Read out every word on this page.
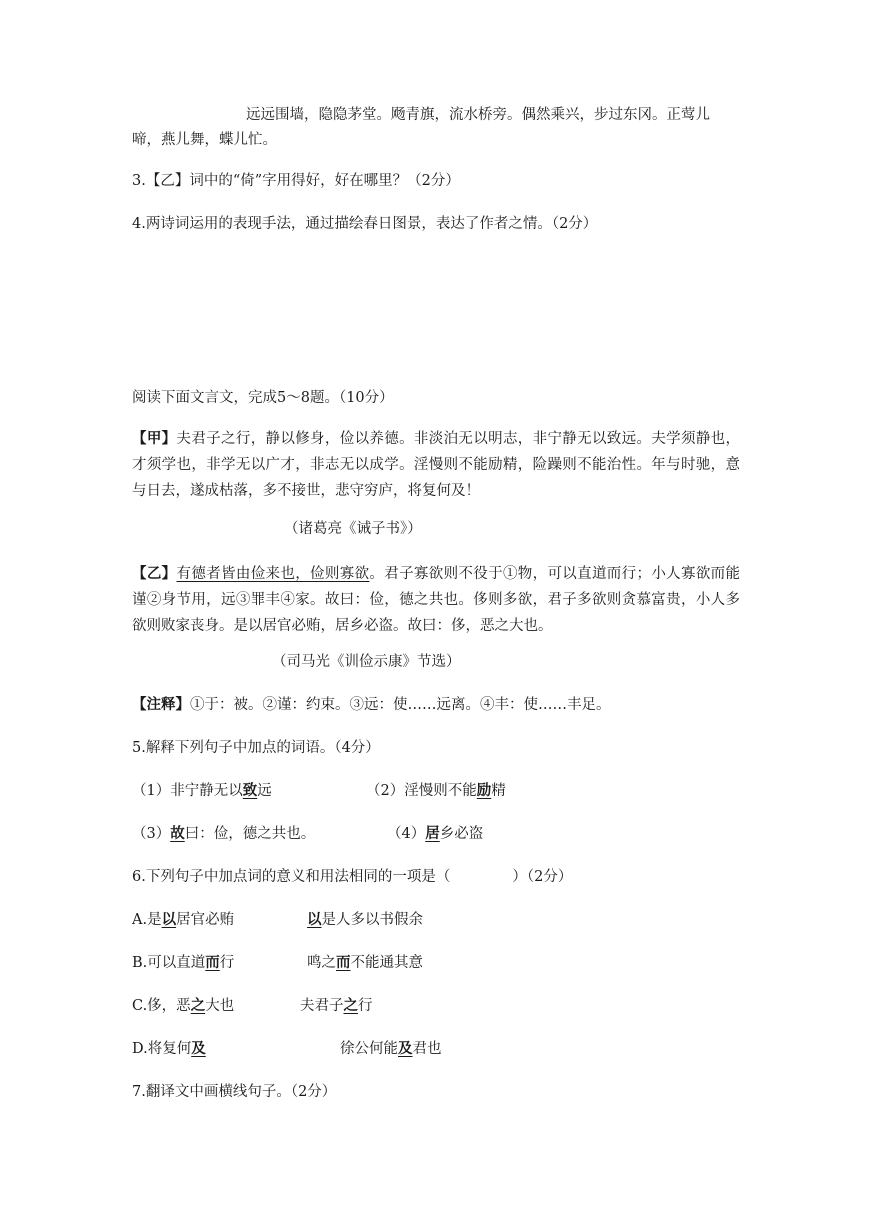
远远围墙，隐隐茅堂。飏青旗，流水桥旁。偶然乘兴，步过东冈。正莺儿
啼，燕儿舞，蝶儿忙。
3.【乙】词中的“倚”字用得好，好在哪里？（2分）
4.两诗词运用的表现手法，通过描绘春日图景，表达了作者之情。（2分）
阅读下面文言文，完成5～8题。（10分）
【甲】夫君子之行，静以修身，俭以养德。非淡泊无以明志，非宁静无以致远。夫学须静也，才须学也，非学无以广才，非志无以成学。淫慢则不能励精，险躁则不能治性。年与时驰，意与日去，遂成枯落，多不接世，悲守穷庐，将复何及！
（诸葛亮《诫子书》）
【乙】有德者皆由俭来也，俭则寡欲。君子寡欲则不役于①物，可以直道而行；小人寡欲而能谨②身节用，远③罪丰④家。故曰：俭，德之共也。侈则多欲，君子多欲则贪慕富贵，小人多欲则败家丧身。是以居官必贿，居乡必盗。故曰：侈，恶之大也。
（司马光《训俭示康》节选）
【注释】①于：被。②谨：约束。③远：使……远离。④丰：使……丰足。
5.解释下列句子中加点的词语。（4分）
（1）非宁静无以致远	（2）淫慢则不能励精
（3）故曰：俭，德之共也。	（4）居乡必盗
6.下列句子中加点词的意义和用法相同的一项是（	）（2分）
A.是以居官必贿	以是人多以书假余
B.可以直道而行	鸣之而不能通其意
C.侈，恶之大也	夫君子之行
D.将复何及	徐公何能及君也
7.翻译文中画横线句子。（2分）
